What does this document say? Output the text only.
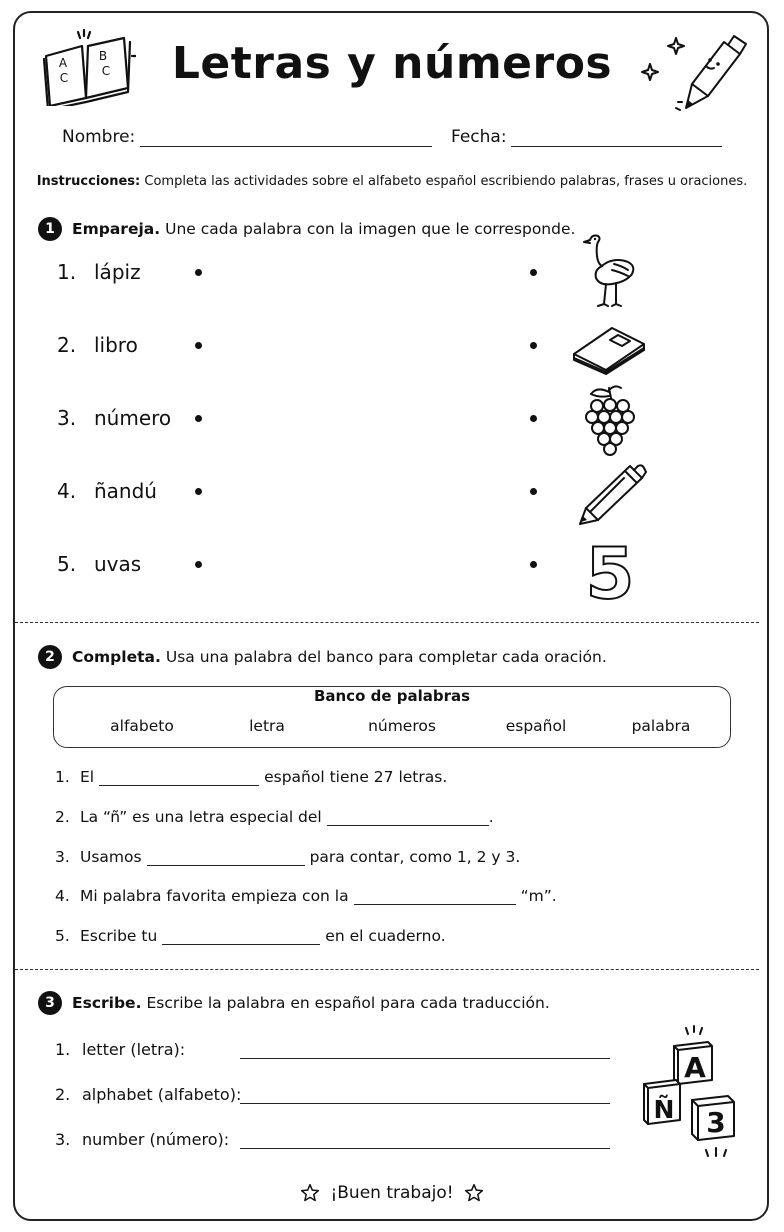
A	B
C	C	Letras y números
Nombre:	Fecha:
Instrucciones: Completa las actividades sobre el alfabeto español escribiendo palabras, frases u oraciones.
1	Empareja. Une cada palabra con la imagen que le corresponde.
1. lápiz
2. libro
3. número
4. ñandú
5. uvas	5
2	Completa. Usa una palabra del banco para completar cada oración.
Banco de palabras
alfabeto	letra	números	español	palabra
1. El	español tiene 27 letras.
2. La “ñ” es una letra especial del	.
3. Usamos	para contar, como 1, 2 y 3.
4. Mi palabra favorita empieza con la	“m”.
5. Escribe tu	en el cuaderno.
3	Escribe. Escribe la palabra en español para cada traducción.
1. letter (letra):
2. alphabet (alfabeto):
3. number (número):
A
Ñ 3
¡Buen trabajo!
